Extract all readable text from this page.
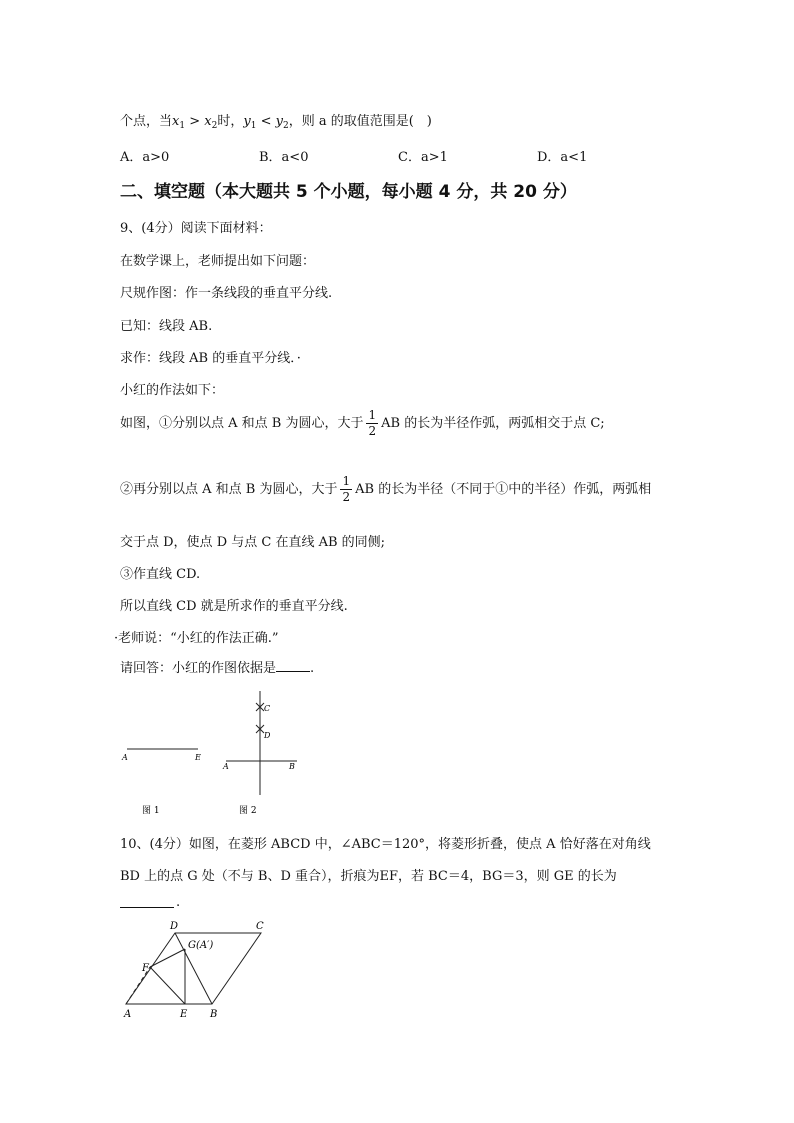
个点，当$x_1 > x_2$时，$y_1 < y_2$，则 a 的取值范围是(　)
A．a>0	B．a<0	C．a>1	D．a<1
二、填空题（本大题共 5 个小题，每小题 4 分，共 20 分）
9、(4分）阅读下面材料：
在数学课上，老师提出如下问题：
尺规作图：作一条线段的垂直平分线.
已知：线段 AB.
求作：线段 AB 的垂直平分线．·
小红的作法如下：
如图，①分别以点 A 和点 B 为圆心，大于 $\frac{1}{2}$ AB 的长为半径作弧，两弧相交于点 C;
②再分别以点 A 和点 B 为圆心，大于 $\frac{1}{2}$ AB 的长为半径（不同于①中的半径）作弧，两弧相
交于点 D，使点 D 与点 C 在直线 AB 的同侧;
③作直线 CD.
所以直线 CD 就是所求作的垂直平分线.
·老师说：“小红的作法正确.”
请回答：小红的作图依据是	.
A	E
图 1
C
D
A	B
图 2
10、(4分）如图，在菱形 ABCD 中，∠ABC＝120°，将菱形折叠，使点 A 恰好落在对角线
BD 上的点 G 处（不与 B、D 重合），折痕为EF，若 BC＝4，BG＝3，则 GE 的长为
.
D	C
G(A′)
F
A	E B
